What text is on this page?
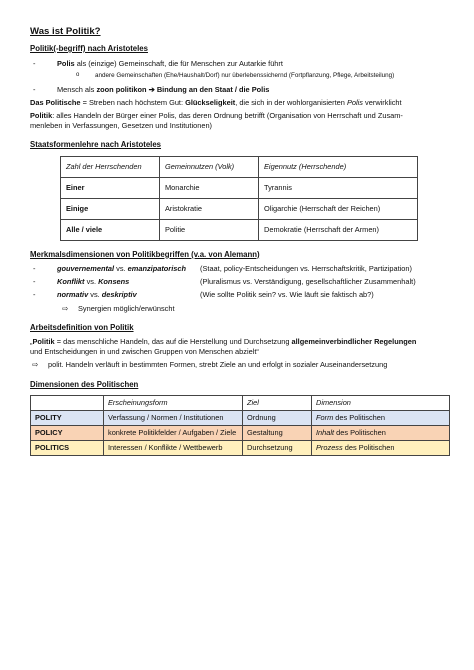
Was ist Politik?
Politik(-begriff) nach Aristoteles
-	Polis als (einzige) Gemeinschaft, die für Menschen zur Autarkie führt
o	andere Gemeinschaften (Ehe/Haushalt/Dorf) nur überlebenssichernd (Fortpflanzung, Pflege, Arbeitsteilung)
-	Mensch als zoon politikon ➔ Bindung an den Staat / die Polis

Das Politische = Streben nach höchstem Gut: Glückseligkeit, die sich in der wohlorganisierten Polis verwirklicht

Politik: alles Handeln der Bürger einer Polis, das deren Ordnung betrifft (Organisation von Herrschaft und Zusam-
menleben in Verfassungen, Gesetzen und Institutionen)

Staatsformenlehre nach Aristoteles
Zahl der Herrschenden	Gemeinnutzen (Volk)	Eigennutz (Herrschende)
Einer	Monarchie	Tyrannis
Einige	Aristokratie	Oligarchie (Herrschaft der Reichen)
Alle / viele	Politie	Demokratie (Herrschaft der Armen)
Merkmalsdimensionen von Politikbegriffen (v.a. von Alemann)
-	gouvernemental vs. emanzipatorisch (Staat, policy-Entscheidungen vs. Herrschaftskritik, Partizipation)
-	Konflikt vs. Konsens	(Pluralismus vs. Verständigung, gesellschaftlicher Zusammenhalt)
-	normativ vs. deskriptiv	(Wie sollte Politik sein? vs. Wie läuft sie faktisch ab?)
⇨	Synergien möglich/erwünscht
Arbeitsdefinition von Politik

„Politik = das menschliche Handeln, das auf die Herstellung und Durchsetzung allgemeinverbindlicher Regelungen
und Entscheidungen in und zwischen Gruppen von Menschen abzielt“

⇨	polit. Handeln verläuft in bestimmten Formen, strebt Ziele an und erfolgt in sozialer Auseinandersetzung
Dimensionen des Politischen
	Erscheinungsform	Ziel	Dimension
POLITY	Verfassung / Normen / Institutionen	Ordnung	Form des Politischen
POLICY	konkrete Politikfelder / Aufgaben / Ziele	Gestaltung	Inhalt des Politischen
POLITICS	Interessen / Konflikte / Wettbewerb	Durchsetzung	Prozess des Politischen
